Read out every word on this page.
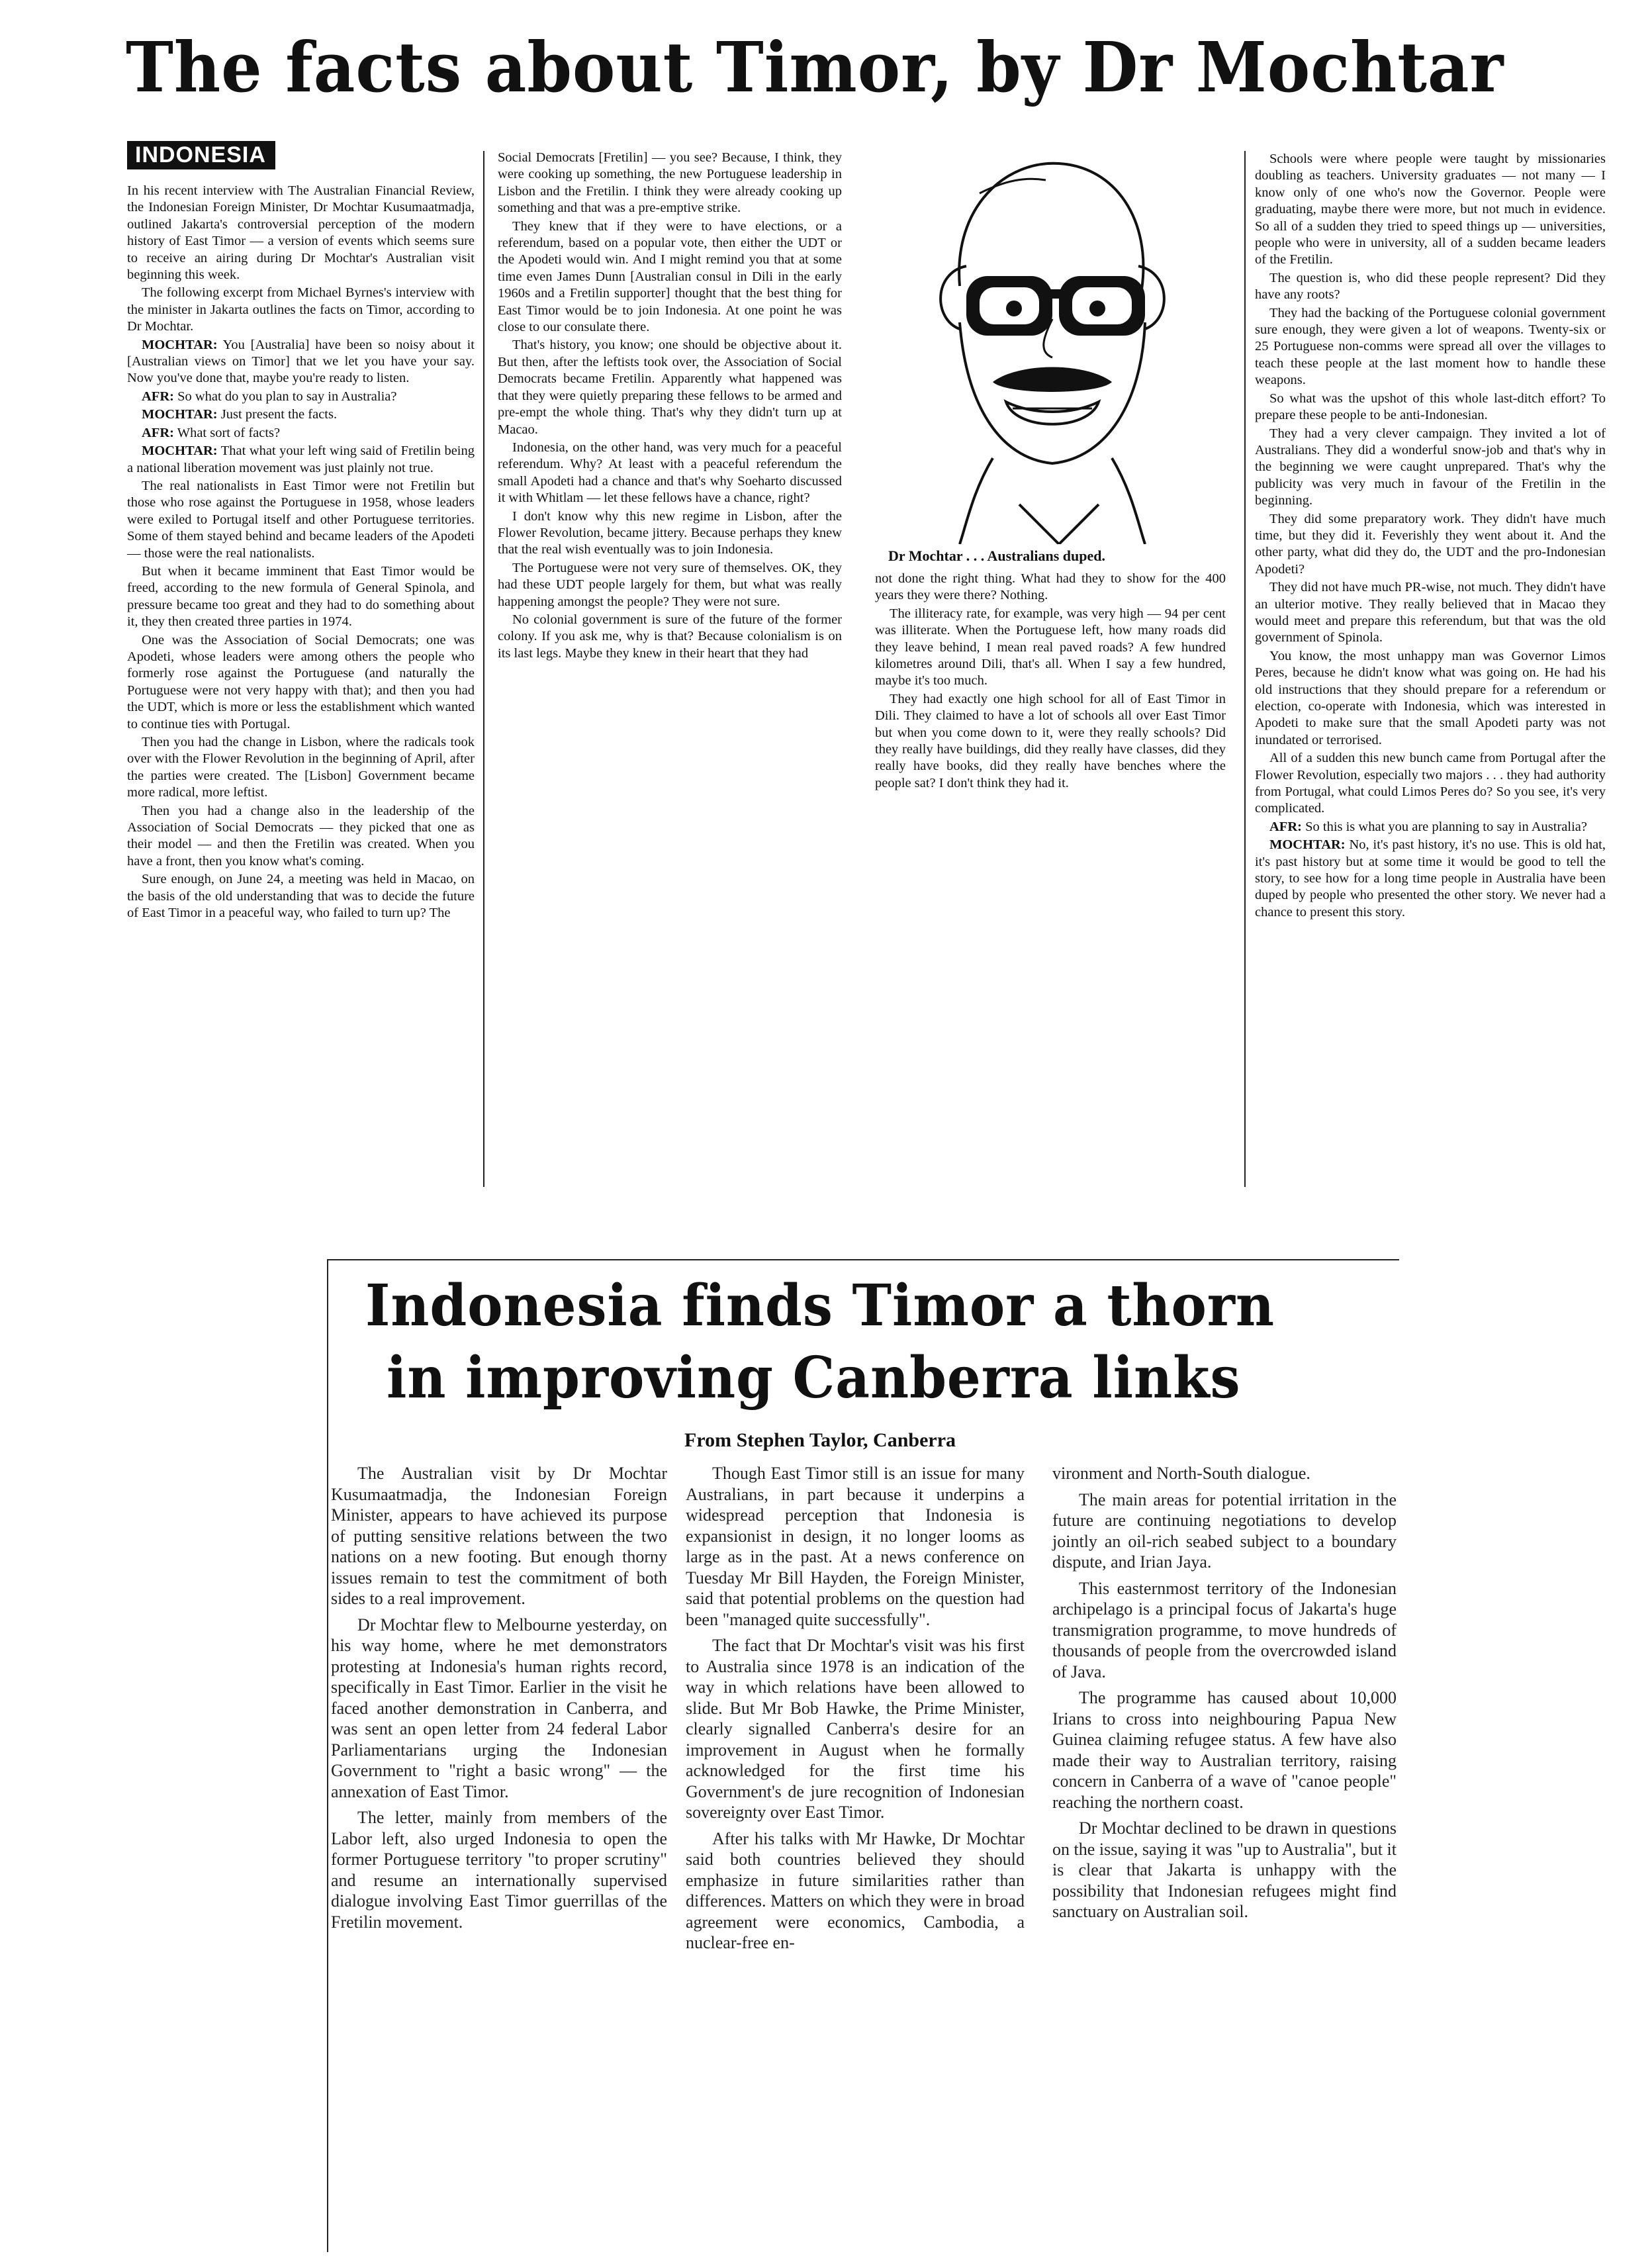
The facts about Timor, by Dr Mochtar
INDONESIA

In his recent interview with The Australian Financial Review, the Indonesian Foreign Minister, Dr Mochtar Kusumaatmadja, outlined Jakarta's controversial perception of the modern history of East Timor — a version of events which seems sure to receive an airing during Dr Mochtar's Australian visit beginning this week.

The following excerpt from Michael Byrnes's interview with the minister in Jakarta outlines the facts on Timor, according to Dr Mochtar.

MOCHTAR: You [Australia] have been so noisy about it [Australian views on Timor] that we let you have your say. Now you've done that, maybe you're ready to listen.

AFR: So what do you plan to say in Australia?

MOCHTAR: Just present the facts.

AFR: What sort of facts?

MOCHTAR: That what your left wing said of Fretilin being a national liberation movement was just plainly not true.

The real nationalists in East Timor were not Fretilin but those who rose against the Portuguese in 1958, whose leaders were exiled to Portugal itself and other Portuguese territories. Some of them stayed behind and became leaders of the Apodeti — those were the real nationalists.

But when it became imminent that East Timor would be freed, according to the new formula of General Spinola, and pressure became too great and they had to do something about it, they then created three parties in 1974.

One was the Association of Social Democrats; one was Apodeti, whose leaders were among others the people who formerly rose against the Portuguese (and naturally the Portuguese were not very happy with that); and then you had the UDT, which is more or less the establishment which wanted to continue ties with Portugal.

Then you had the change in Lisbon, where the radicals took over with the Flower Revolution in the beginning of April, after the parties were created. The [Lisbon] Government became more radical, more leftist.

Then you had a change also in the leadership of the Association of Social Democrats — they picked that one as their model — and then the Fretilin was created. When you have a front, then you know what's coming.

Sure enough, on June 24, a meeting was held in Macao, on the basis of the old understanding that was to decide the future of East Timor in a peaceful way, who failed to turn up? The

Social Democrats [Fretilin] — you see? Because, I think, they were cooking up something, the new Portuguese leadership in Lisbon and the Fretilin. I think they were already cooking up something and that was a pre-emptive strike.

They knew that if they were to have elections, or a referendum, based on a popular vote, then either the UDT or the Apodeti would win. And I might remind you that at some time even James Dunn [Australian consul in Dili in the early 1960s and a Fretilin supporter] thought that the best thing for East Timor would be to join Indonesia. At one point he was close to our consulate there.

That's history, you know; one should be objective about it. But then, after the leftists took over, the Association of Social Democrats became Fretilin. Apparently what happened was that they were quietly preparing these fellows to be armed and pre-empt the whole thing. That's why they didn't turn up at Macao.

Indonesia, on the other hand, was very much for a peaceful referendum. Why? At least with a peaceful referendum the small Apodeti had a chance and that's why Soeharto discussed it with Whitlam — let these fellows have a chance, right?

I don't know why this new regime in Lisbon, after the Flower Revolution, became jittery. Because perhaps they knew that the real wish eventually was to join Indonesia.

The Portuguese were not very sure of themselves. OK, they had these UDT people largely for them, but what was really happening amongst the people? They were not sure.

No colonial government is sure of the future of the former colony. If you ask me, why is that? Because colonialism is on its last legs. Maybe they knew in their heart that they had

Dr Mochtar . . . Australians duped.

not done the right thing. What had they to show for the 400 years they were there? Nothing.

The illiteracy rate, for example, was very high — 94 per cent was illiterate. When the Portuguese left, how many roads did they leave behind, I mean real paved roads? A few hundred kilometres around Dili, that's all. When I say a few hundred, maybe it's too much.

They had exactly one high school for all of East Timor in Dili. They claimed to have a lot of schools all over East Timor but when you come down to it, were they really schools? Did they really have buildings, did they really have classes, did they really have books, did they really have benches where the people sat? I don't think they had it.

Schools were where people were taught by missionaries doubling as teachers. University graduates — not many — I know only of one who's now the Governor. People were graduating, maybe there were more, but not much in evidence. So all of a sudden they tried to speed things up — universities, people who were in university, all of a sudden became leaders of the Fretilin.

The question is, who did these people represent? Did they have any roots?

They had the backing of the Portuguese colonial government sure enough, they were given a lot of weapons. Twenty-six or 25 Portuguese non-comms were spread all over the villages to teach these people at the last moment how to handle these weapons.

So what was the upshot of this whole last-ditch effort? To prepare these people to be anti-Indonesian.

They had a very clever campaign. They invited a lot of Australians. They did a wonderful snow-job and that's why in the beginning we were caught unprepared. That's why the publicity was very much in favour of the Fretilin in the beginning.

They did some preparatory work. They didn't have much time, but they did it. Feverishly they went about it. And the other party, what did they do, the UDT and the pro-Indonesian Apodeti?

They did not have much PR-wise, not much. They didn't have an ulterior motive. They really believed that in Macao they would meet and prepare this referendum, but that was the old government of Spinola.

You know, the most unhappy man was Governor Limos Peres, because he didn't know what was going on. He had his old instructions that they should prepare for a referendum or election, co-operate with Indonesia, which was interested in Apodeti to make sure that the small Apodeti party was not inundated or terrorised.

All of a sudden this new bunch came from Portugal after the Flower Revolution, especially two majors . . . they had authority from Portugal, what could Limos Peres do? So you see, it's very complicated.

AFR: So this is what you are planning to say in Australia?

MOCHTAR: No, it's past history, it's no use. This is old hat, it's past history but at some time it would be good to tell the story, to see how for a long time people in Australia have been duped by people who presented the other story. We never had a chance to present this story.

Indonesia finds Timor a thorn
in improving Canberra links
From Stephen Taylor, Canberra

The Australian visit by Dr Mochtar Kusumaatmadja, the Indonesian Foreign Minister, appears to have achieved its purpose of putting sensitive relations between the two nations on a new footing. But enough thorny issues remain to test the commitment of both sides to a real improvement.

Dr Mochtar flew to Melbourne yesterday, on his way home, where he met demonstrators protesting at Indonesia's human rights record, specifically in East Timor. Earlier in the visit he faced another demonstration in Canberra, and was sent an open letter from 24 federal Labor Parliamentarians urging the Indonesian Government to "right a basic wrong" — the annexation of East Timor.

The letter, mainly from members of the Labor left, also urged Indonesia to open the former Portuguese territory "to proper scrutiny" and resume an internationally supervised dialogue involving East Timor guerrillas of the Fretilin movement.

Though East Timor still is an issue for many Australians, in part because it underpins a widespread perception that Indonesia is expansionist in design, it no longer looms as large as in the past. At a news conference on Tuesday Mr Bill Hayden, the Foreign Minister, said that potential problems on the question had been "managed quite successfully".

The fact that Dr Mochtar's visit was his first to Australia since 1978 is an indication of the way in which relations have been allowed to slide. But Mr Bob Hawke, the Prime Minister, clearly signalled Canberra's desire for an improvement in August when he formally acknowledged for the first time his Government's de jure recognition of Indonesian sovereignty over East Timor.

After his talks with Mr Hawke, Dr Mochtar said both countries believed they should emphasize in future similarities rather than differences. Matters on which they were in broad agreement were economics, Cambodia, a nuclear-free en-

vironment and North-South dialogue.

The main areas for potential irritation in the future are continuing negotiations to develop jointly an oil-rich seabed subject to a boundary dispute, and Irian Jaya.

This easternmost territory of the Indonesian archipelago is a principal focus of Jakarta's huge transmigration programme, to move hundreds of thousands of people from the overcrowded island of Java.

The programme has caused about 10,000 Irians to cross into neighbouring Papua New Guinea claiming refugee status. A few have also made their way to Australian territory, raising concern in Canberra of a wave of "canoe people" reaching the northern coast.

Dr Mochtar declined to be drawn in questions on the issue, saying it was "up to Australia", but it is clear that Jakarta is unhappy with the possibility that Indonesian refugees might find sanctuary on Australian soil.
